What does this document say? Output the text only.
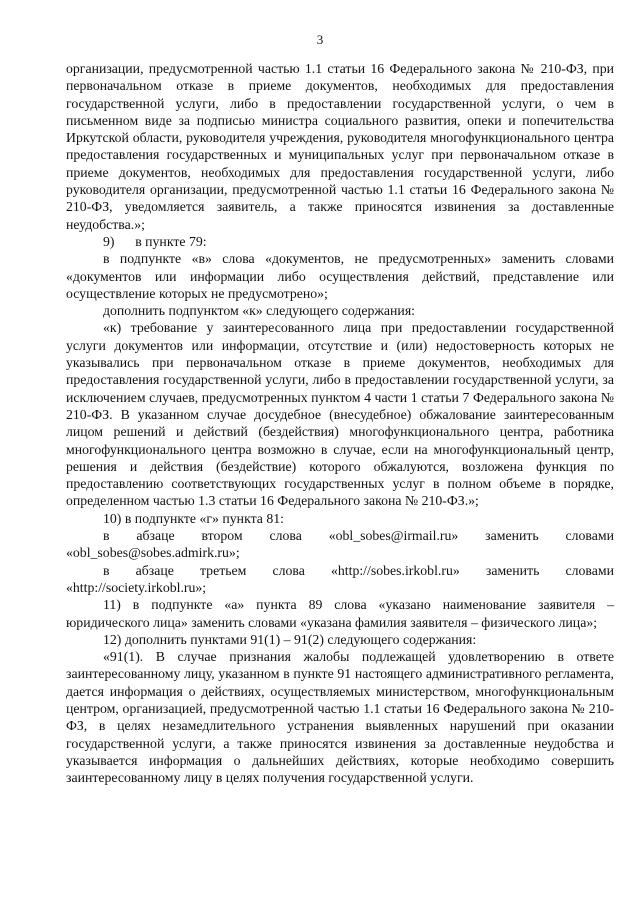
3

организации, предусмотренной частью 1.1 статьи 16 Федерального закона № 210-ФЗ, при первоначальном отказе в приеме документов, необходимых для предоставления государственной услуги, либо в предоставлении государственной услуги, о чем в письменном виде за подписью министра социального развития, опеки и попечительства Иркутской области, руководителя учреждения, руководителя многофункционального центра предоставления государственных и муниципальных услуг при первоначальном отказе в приеме документов, необходимых для предоставления государственной услуги, либо руководителя организации, предусмотренной частью 1.1 статьи 16 Федерального закона № 210-ФЗ, уведомляется заявитель, а также приносятся извинения за доставленные неудобства.»;

9)      в пункте 79:

в подпункте «в» слова «документов, не предусмотренных» заменить словами «документов или информации либо осуществления действий, представление или осуществление которых не предусмотрено»;

дополнить подпунктом «к» следующего содержания:

«к) требование у заинтересованного лица при предоставлении государственной услуги документов или информации, отсутствие и (или) недостоверность которых не указывались при первоначальном отказе в приеме документов, необходимых для предоставления государственной услуги, либо в предоставлении государственной услуги, за исключением случаев, предусмотренных пунктом 4 части 1 статьи 7 Федерального закона № 210-ФЗ. В указанном случае досудебное (внесудебное) обжалование заинтересованным лицом решений и действий (бездействия) многофункционального центра, работника многофункционального центра возможно в случае, если на многофункциональный центр, решения и действия (бездействие) которого обжалуются, возложена функция по предоставлению соответствующих государственных услуг в полном объеме в порядке, определенном частью 1.3 статьи 16 Федерального закона № 210-ФЗ.»;

10) в подпункте «г» пункта 81:

в абзаце втором слова «obl_sobes@irmail.ru» заменить словами «obl_sobes@sobes.admirk.ru»;

в абзаце третьем слова «http://sobes.irkobl.ru» заменить словами «http://society.irkobl.ru»;

11) в подпункте «а» пункта 89 слова «указано наименование заявителя – юридического лица» заменить словами «указана фамилия заявителя – физического лица»;

12) дополнить пунктами 91(1) – 91(2) следующего содержания:

«91(1). В случае признания жалобы подлежащей удовлетворению в ответе заинтересованному лицу, указанном в пункте 91 настоящего административного регламента, дается информация о действиях, осуществляемых министерством, многофункциональным центром, организацией, предусмотренной частью 1.1 статьи 16 Федерального закона № 210-ФЗ, в целях незамедлительного устранения выявленных нарушений при оказании государственной услуги, а также приносятся извинения за доставленные неудобства и указывается информация о дальнейших действиях, которые необходимо совершить заинтересованному лицу в целях получения государственной услуги.
